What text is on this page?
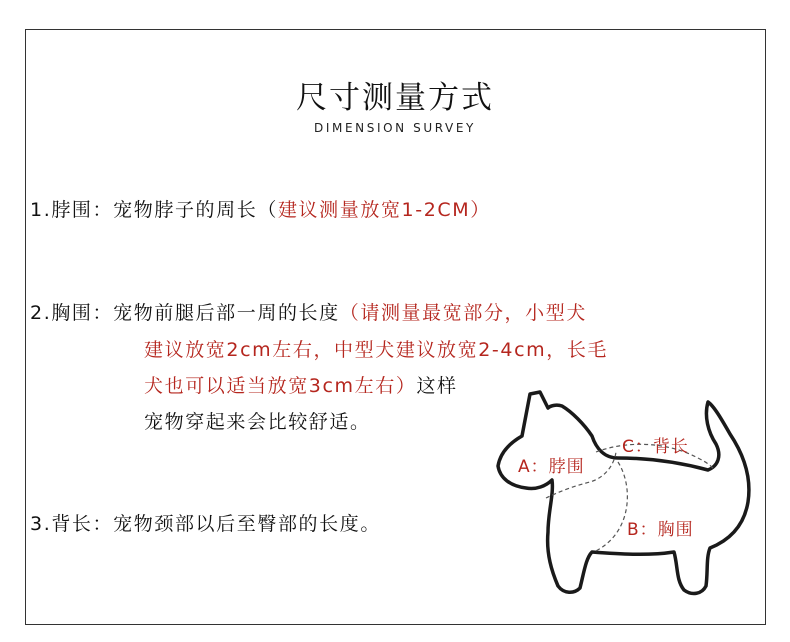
尺寸测量方式
DIMENSION SURVEY
1.脖围：宠物脖子的周长（建议测量放宽1-2CM）
2.胸围：宠物前腿后部一周的长度（请测量最宽部分，小型犬
建议放宽2cm左右，中型犬建议放宽2-4cm，长毛
犬也可以适当放宽3cm左右）这样
宠物穿起来会比较舒适。
3.背长：宠物颈部以后至臀部的长度。
A：脖围
B：胸围
C：背长
